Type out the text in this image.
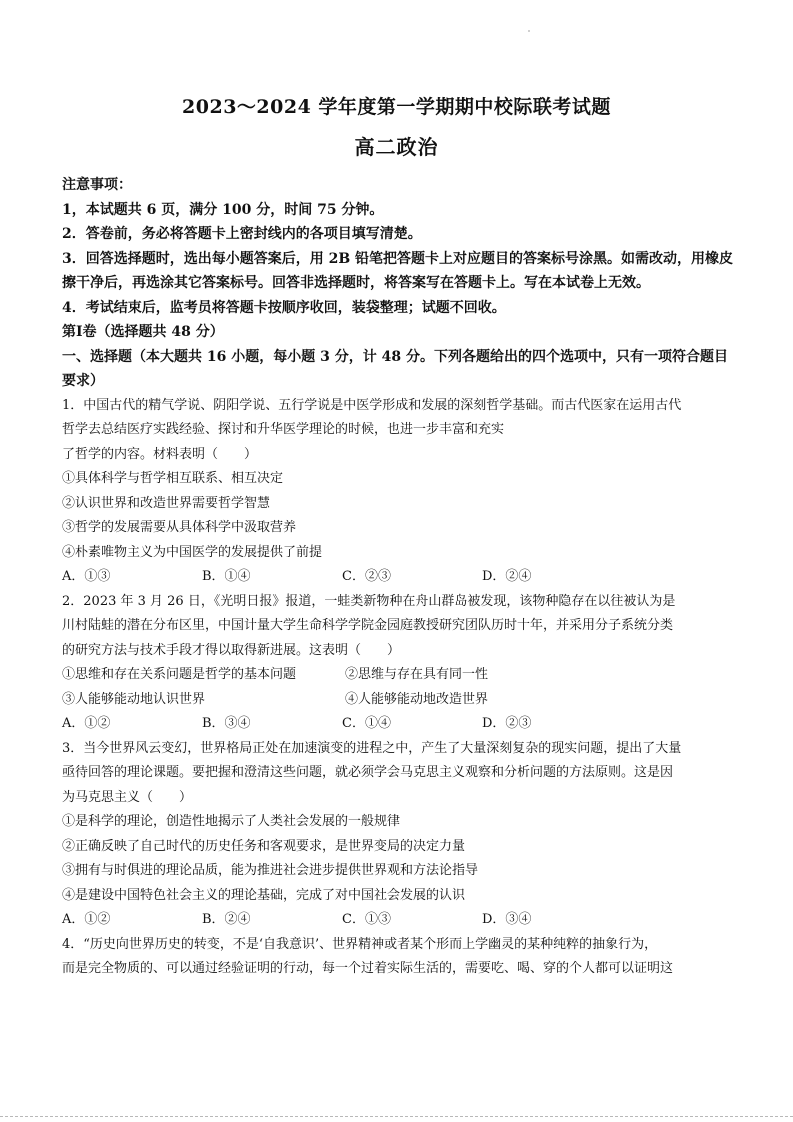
2023～2024 学年度第一学期期中校际联考试题
高二政治
注意事项：
1，本试题共 6 页，满分 100 分，时间 75 分钟。
2．答卷前，务必将答题卡上密封线内的各项目填写清楚。
3．回答选择题时，选出每小题答案后，用 2B 铅笔把答题卡上对应题目的答案标号涂黑。如需改动，用橡皮擦干净后，再选涂其它答案标号。回答非选择题时，将答案写在答题卡上。写在本试卷上无效。
4．考试结束后，监考员将答题卡按顺序收回，装袋整理；试题不回收。
第Ⅰ卷（选择题共 48 分）
一、选择题（本大题共 16 小题，每小题 3 分，计 48 分。下列各题给出的四个选项中，只有一项符合题目要求）
1．中国古代的精气学说、阴阳学说、五行学说是中医学形成和发展的深刻哲学基础。而古代医家在运用古代
哲学去总结医疗实践经验、探讨和升华医学理论的时候，也进一步丰富和充实
了哲学的内容。材料表明（　　）
①具体科学与哲学相互联系、相互决定
②认识世界和改造世界需要哲学智慧
③哲学的发展需要从具体科学中汲取营养
④朴素唯物主义为中国医学的发展提供了前提
A．①③	B．①④	C．②③	D．②④
2．2023 年 3 月 26 日，《光明日报》报道，一蛙类新物种在舟山群岛被发现，该物种隐存在以往被认为是
川村陆蛙的潜在分布区里，中国计量大学生命科学学院金园庭教授研究团队历时十年，并采用分子系统分类
的研究方法与技术手段才得以取得新进展。这表明（　　）
①思维和存在关系问题是哲学的基本问题	②思维与存在具有同一性
③人能够能动地认识世界	④人能够能动地改造世界
A．①②	B．③④	C．①④	D．②③
3．当今世界风云变幻，世界格局正处在加速演变的进程之中，产生了大量深刻复杂的现实问题，提出了大量
亟待回答的理论课题。要把握和澄清这些问题，就必须学会马克思主义观察和分析问题的方法原则。这是因
为马克思主义（　　）
①是科学的理论，创造性地揭示了人类社会发展的一般规律
②正确反映了自己时代的历史任务和客观要求，是世界变局的决定力量
③拥有与时俱进的理论品质，能为推进社会进步提供世界观和方法论指导
④是建设中国特色社会主义的理论基础，完成了对中国社会发展的认识
A．①②	B．②④	C．①③	D．③④
4．“历史向世界历史的转变，不是‘自我意识’、世界精神或者某个形而上学幽灵的某种纯粹的抽象行为，
而是完全物质的、可以通过经验证明的行动，每一个过着实际生活的，需要吃、喝、穿的个人都可以证明这
